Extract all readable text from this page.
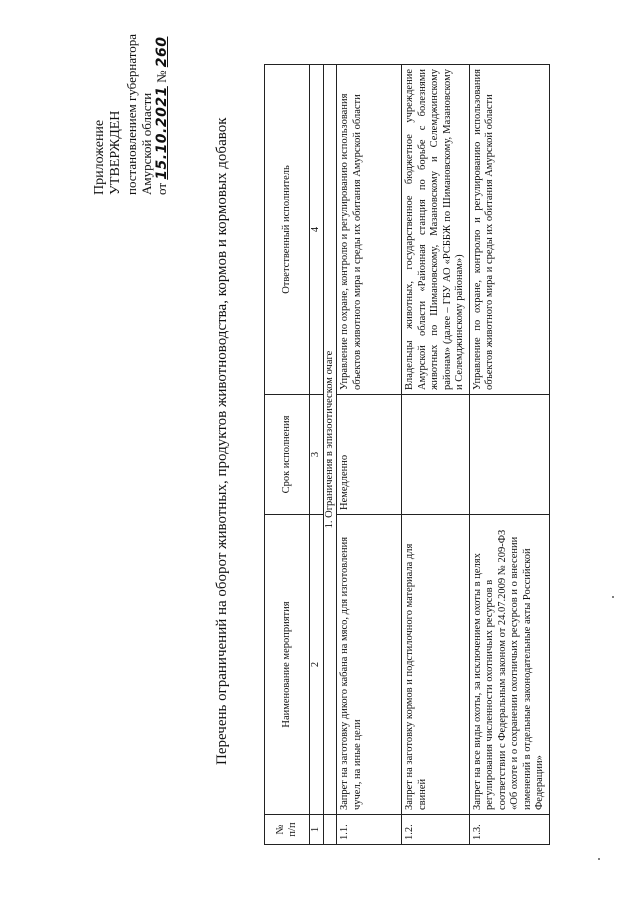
Приложение УТВЕРЖДЕН постановлением губернатора Амурской области от 15.10.2021 № 260
Перечень ограничений на оборот животных, продуктов животноводства, кормов и кормовых добавок
№ п/п	Наименование мероприятия	Срок исполнения	Ответственный исполнитель
1	2	3	4
	1. Ограничения в эпизоотическом очаге		
1.1.	Запрет на заготовку дикого кабана на мясо, для изготовления чучел, на иные цели	Немедленно	Управление по охране, контролю и регулированию использования объектов животного мира и среды их обитания Амурской области

1.2.	Запрет на заготовку кормов и подстилочного материала для свиней		Владельцы животных, государственное бюджетное учреждение Амурской области «Районная станция по борьбе с болезнями животных по Шимановскому, Мазановскому и Селемджинскому районам» (далее – ГБУ АО «РСББЖ по Шимановскому, Мазановскому и Селемджинскому районам»)

1.3.	Запрет на все виды охоты, за исключением охоты в целях регулирования численности охотничьих ресурсов в соответствии с Федеральным законом от 24.07.2009 № 209-ФЗ «Об охоте и о сохранении охотничьих ресурсов и о внесении изменений в отдельные законодательные акты Российской Федерации»		Управление по охране, контролю и регулированию использования объектов животного мира и среды их обитания Амурской области
